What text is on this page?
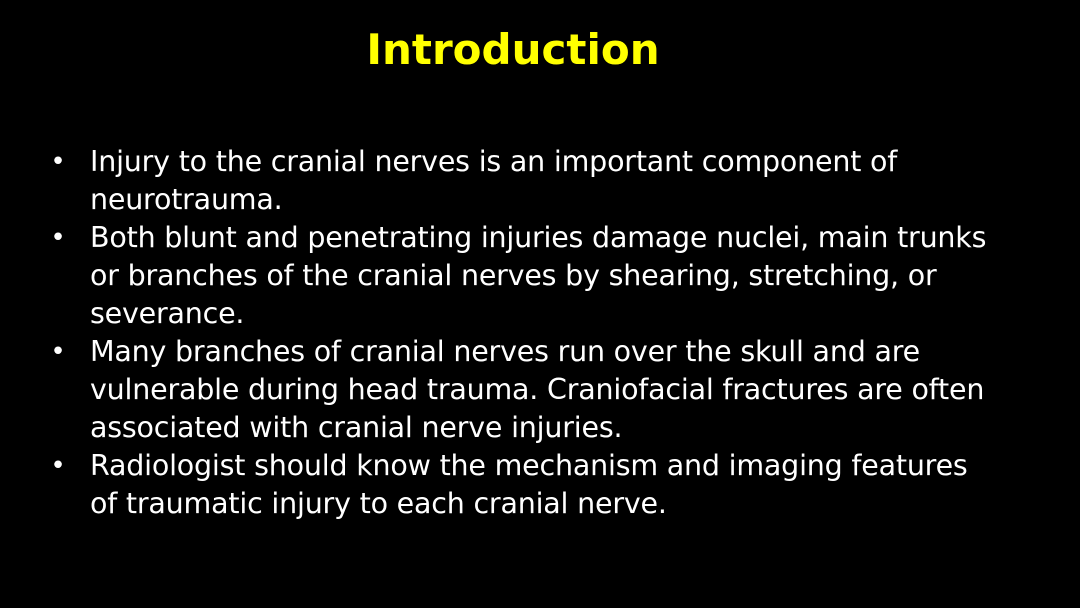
Introduction
• Injury to the cranial nerves is an important component of
neurotrauma.
• Both blunt and penetrating injuries damage nuclei, main trunks
or branches of the cranial nerves by shearing, stretching, or
severance.
• Many branches of cranial nerves run over the skull and are
vulnerable during head trauma. Craniofacial fractures are often
associated with cranial nerve injuries.
• Radiologist should know the mechanism and imaging features
of traumatic injury to each cranial nerve.
